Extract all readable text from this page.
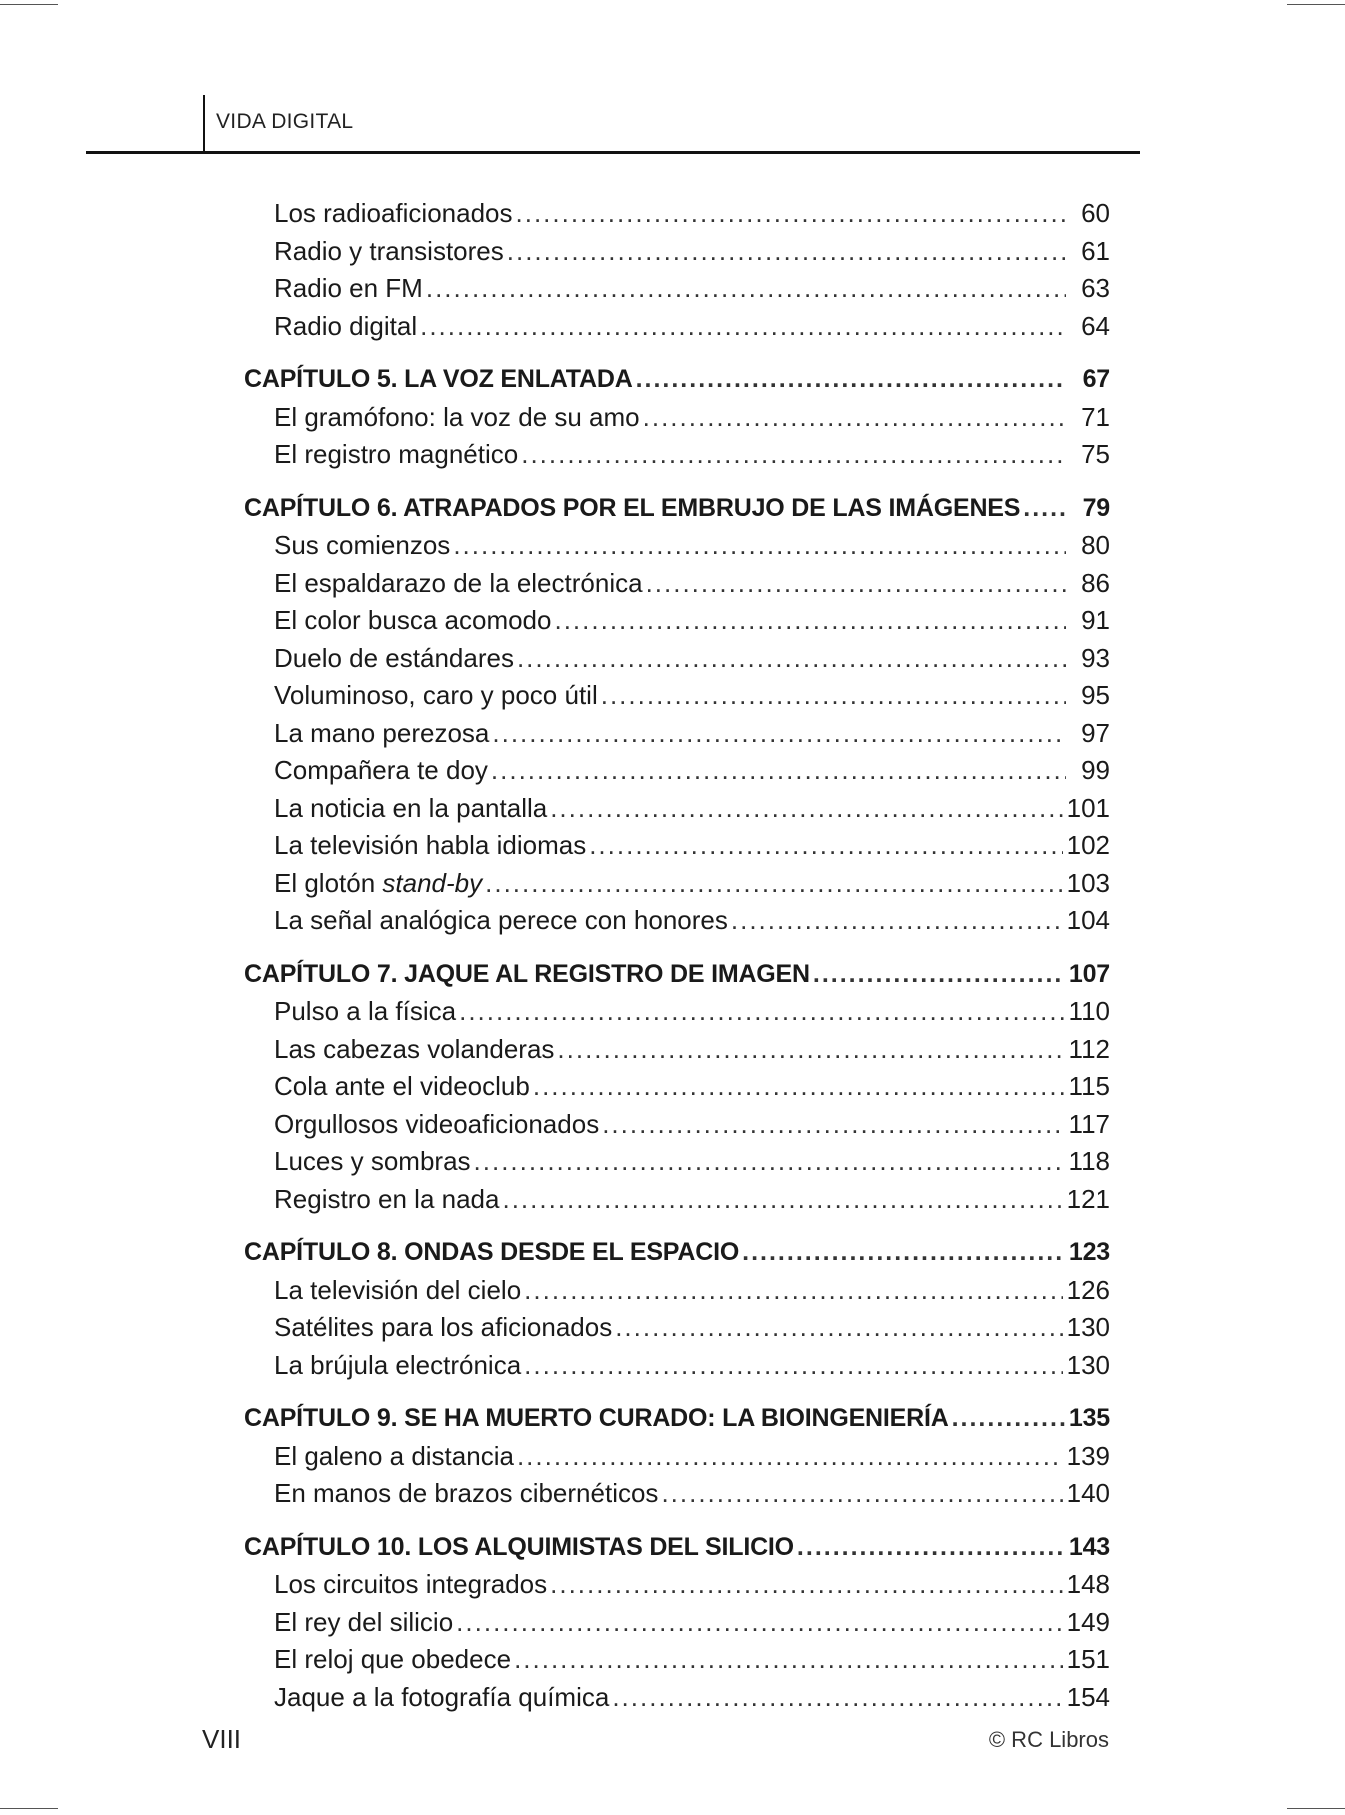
VIDA DIGITAL
Los radioaficionados .....	60
Radio y transistores .....	61
Radio en FM .....	63
Radio digital .....	64
CAPÍTULO 5. LA VOZ ENLATADA .....	67
El gramófono: la voz de su amo .....	71
El registro magnético .....	75
CAPÍTULO 6. ATRAPADOS POR EL EMBRUJO DE LAS IMÁGENES .....	79
Sus comienzos .....	80
El espaldarazo de la electrónica .....	86
El color busca acomodo .....	91
Duelo de estándares .....	93
Voluminoso, caro y poco útil .....	95
La mano perezosa .....	97
Compañera te doy .....	99
La noticia en la pantalla .....	101
La televisión habla idiomas .....	102
El glotón stand-by .....	103
La señal analógica perece con honores .....	104
CAPÍTULO 7. JAQUE AL REGISTRO DE IMAGEN .....	107
Pulso a la física .....	110
Las cabezas volanderas .....	112
Cola ante el videoclub .....	115
Orgullosos videoaficionados .....	117
Luces y sombras .....	118
Registro en la nada .....	121
CAPÍTULO 8. ONDAS DESDE EL ESPACIO .....	123
La televisión del cielo .....	126
Satélites para los aficionados .....	130
La brújula electrónica .....	130
CAPÍTULO 9. SE HA MUERTO CURADO: LA BIOINGENIERÍA .....	135
El galeno a distancia .....	139
En manos de brazos cibernéticos .....	140
CAPÍTULO 10. LOS ALQUIMISTAS DEL SILICIO .....	143
Los circuitos integrados .....	148
El rey del silicio .....	149
El reloj que obedece .....	151
Jaque a la fotografía química .....	154
VIII	© RC Libros
